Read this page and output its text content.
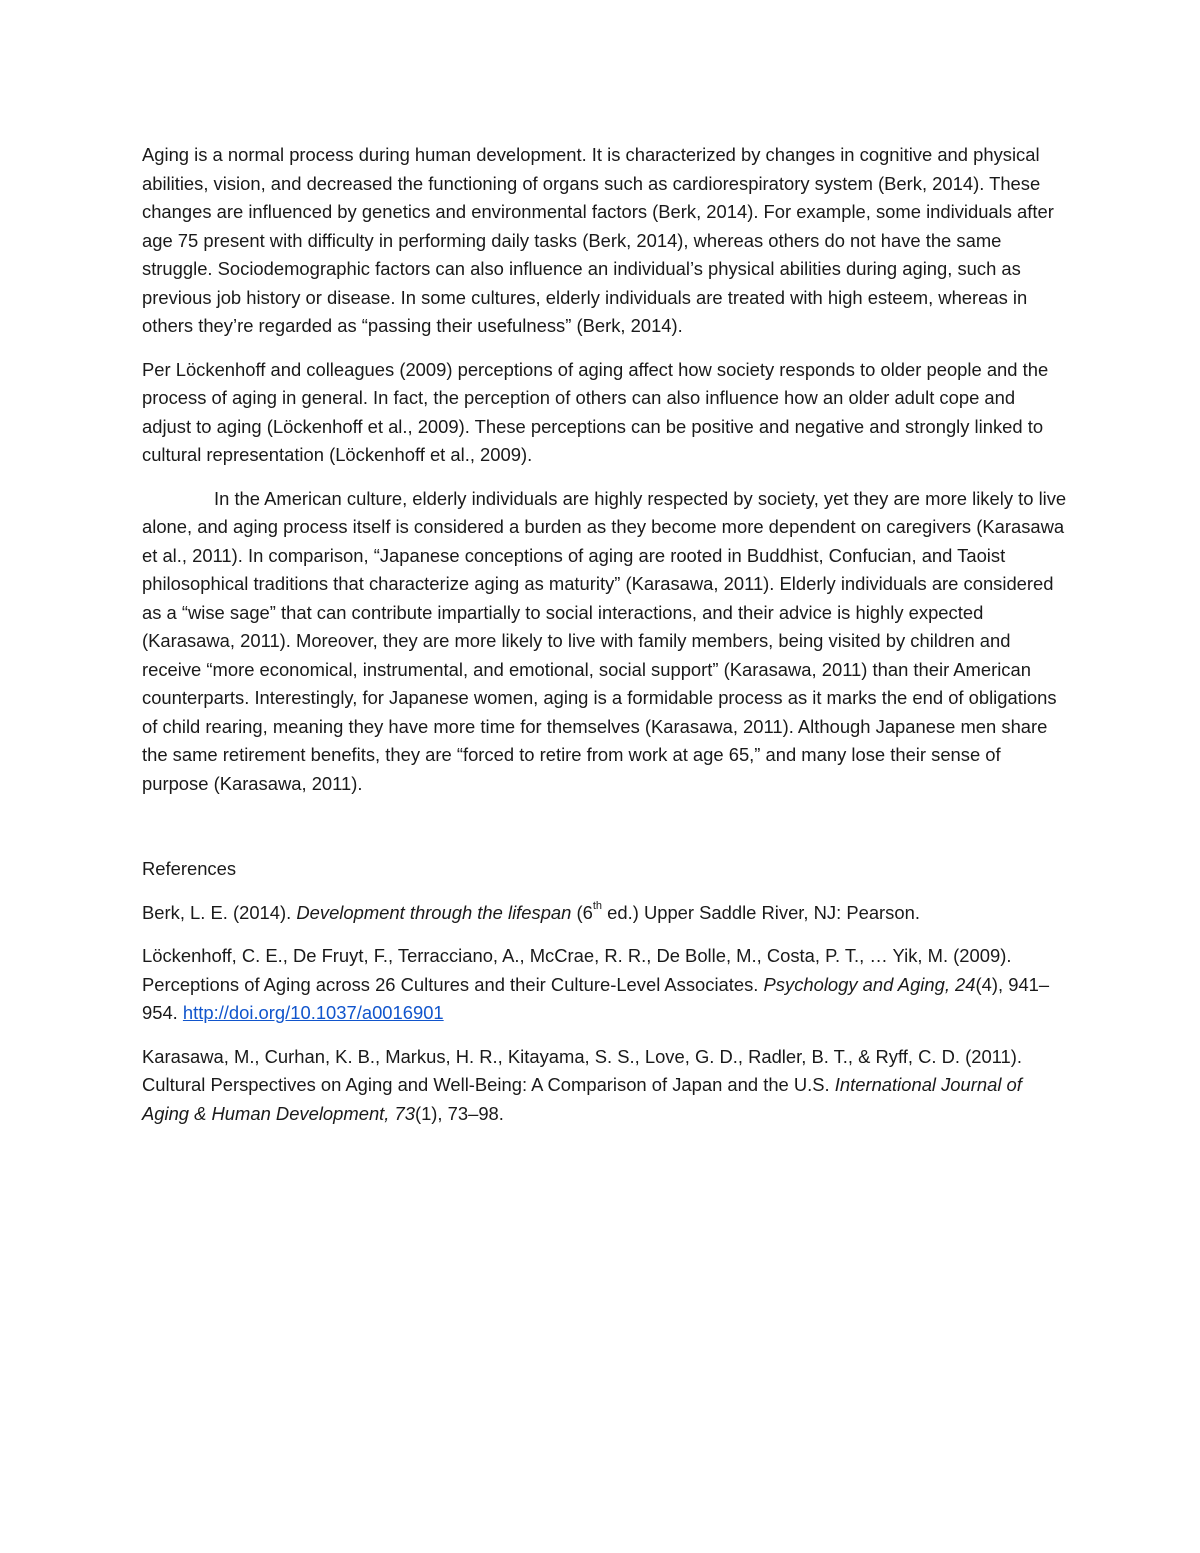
Aging is a normal process during human development. It is characterized by changes in cognitive and physical abilities, vision, and decreased the functioning of organs such as cardiorespiratory system (Berk, 2014). These changes are influenced by genetics and environmental factors (Berk, 2014). For example, some individuals after age 75 present with difficulty in performing daily tasks (Berk, 2014), whereas others do not have the same struggle. Sociodemographic factors can also influence an individual’s physical abilities during aging, such as previous job history or disease. In some cultures, elderly individuals are treated with high esteem, whereas in others they’re regarded as “passing their usefulness” (Berk, 2014).

Per Löckenhoff and colleagues (2009) perceptions of aging affect how society responds to older people and the process of aging in general. In fact, the perception of others can also influence how an older adult cope and adjust to aging (Löckenhoff et al., 2009). These perceptions can be positive and negative and strongly linked to cultural representation (Löckenhoff et al., 2009).

In the American culture, elderly individuals are highly respected by society, yet they are more likely to live alone, and aging process itself is considered a burden as they become more dependent on caregivers (Karasawa et al., 2011). In comparison, “Japanese conceptions of aging are rooted in Buddhist, Confucian, and Taoist philosophical traditions that characterize aging as maturity” (Karasawa, 2011). Elderly individuals are considered as a “wise sage” that can contribute impartially to social interactions, and their advice is highly expected (Karasawa, 2011). Moreover, they are more likely to live with family members, being visited by children and receive “more economical, instrumental, and emotional, social support” (Karasawa, 2011) than their American counterparts. Interestingly, for Japanese women, aging is a formidable process as it marks the end of obligations of child rearing, meaning they have more time for themselves (Karasawa, 2011). Although Japanese men share the same retirement benefits, they are “forced to retire from work at age 65,” and many lose their sense of purpose (Karasawa, 2011).

References

Berk, L. E. (2014). Development through the lifespan (6th ed.) Upper Saddle River, NJ: Pearson.

Löckenhoff, C. E., De Fruyt, F., Terracciano, A., McCrae, R. R., De Bolle, M., Costa, P. T., … Yik, M. (2009). Perceptions of Aging across 26 Cultures and their Culture-Level Associates. Psychology and Aging, 24(4), 941–954. http://doi.org/10.1037/a0016901

Karasawa, M., Curhan, K. B., Markus, H. R., Kitayama, S. S., Love, G. D., Radler, B. T., & Ryff, C. D. (2011). Cultural Perspectives on Aging and Well-Being: A Comparison of Japan and the U.S. International Journal of Aging & Human Development, 73(1), 73–98.
